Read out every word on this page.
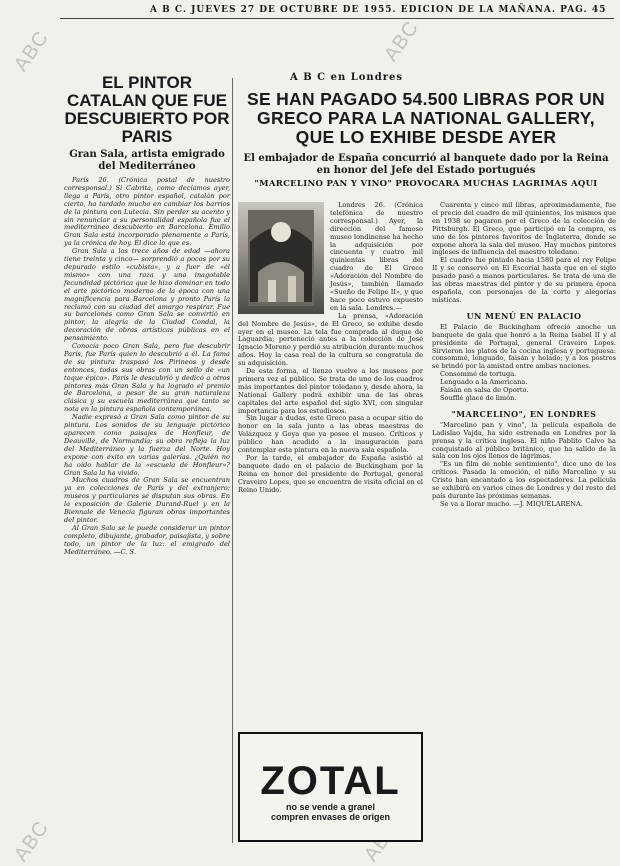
A B C. JUEVES 27 DE OCTUBRE DE 1955. EDICION DE LA MAÑANA. PAG. 45
ABC	ABC
ABC
EL PINTOR CATALAN QUE FUE DESCUBIERTO POR PARIS

Gran Sala, artista emigrado del Mediterráneo

París 26. (Crónica postal de nuestro corresponsal.) Si Cabrita, como decíamos ayer, llega a París, otro pintor español, catalán por cierto, ha tardado mucho en cambiar los barrios de la pintura con Lutecia. Sin perder su acento y sin renunciar a su personalidad española fue el mediterráneo descubierto en Barcelona. Emilio Gran Sala está incorporado plenamente a París, ya la crónica de hoy. Él dice lo que es.

Gran Sala a los trece años de edad —ahora tiene treinta y cinco— sorprendió a pocos por su depurado estilo «cubista», y a fuer de «él mismo» con una raza y una inagotable fecundidad pictórica que le hizo dominar en todo el arte pictórico moderno de la época con una magnificencia para Barcelona y pronto París la reclamó con su ciudad del amargo respirar. Fue su barcelonés como Gran Sala se convirtió en pintor, la alegría de la Ciudad Condal, la decoración de obras artísticas públicas en el pensamiento.

Conocía poco Gran Sala, pero fue descubrir París, fue París quien lo descubrió a él. La fama de su pintura traspasó los Pirineos y desde entonces, todas sus obras con un sello de «un toque épico». París le descubrió y dedicó a otros pintores más Gran Sala y ha logrado el premio de Barcelona, a pesar de su gran naturaleza clásica y su escuela mediterránea que tanto se nota en la pintura española contemporánea.

Nadie expresó a Gran Sala como pintor de su pintura. Los sonidos de su lenguaje pictórico aparecen como paisajes de Honfleur, de Deauville, de Normandía; su obra refleja la luz del Mediterráneo y la fuerza del Norte. Hoy expone con éxito en varias galerías. ¿Quién no ha oído hablar de la «escuela de Honfleur»? Gran Sala la ha vivido.

Muchos cuadros de Gran Sala se encuentran ya en colecciones de París y del extranjero; museos y particulares se disputan sus obras. En la exposición de Galerie Durand-Ruel y en la Biennale de Venecia figuran obras importantes del pintor.

Al Gran Sala se le puede considerar un pintor completo, dibujante, grabador, paisajista, y sobre todo, un pintor de la luz: el emigrado del Mediterráneo. —C. S.

A B C en Londres
SE HAN PAGADO 54.500 LIBRAS POR UN GRECO PARA LA NATIONAL GALLERY, QUE LO EXHIBE DESDE AYER

El embajador de España concurrió al banquete dado por la Reina en honor del Jefe del Estado portugués

"MARCELINO PAN Y VINO" PROVOCARA MUCHAS LAGRIMAS AQUI

Londres 26. (Crónica telefónica de nuestro corresponsal.) Ayer, la dirección del famoso museo londinense ha hecho la adquisición por cincuenta y cuatro mil quinientas libras del cuadro de El Greco «Adoración del Nombre de Jesús», también llamado «Sueño de Felipe II», y que hace poco estuvo expuesto en la sala. Londres.—

La prensa, «Adoración del Nombre de Jesús», de El Greco, se exhibe desde ayer en el museo. La tela fue comprada al duque de Laguardia; perteneció antes a la colección de José Ignacio Moreno y perdió su atribución durante muchos años. Hoy la casa real de la cultura se congratula de su adquisición.

De esta forma, el lienzo vuelve a los museos por primera vez al público. Se trata de uno de los cuadros más importantes del pintor toledano y, desde ahora, la National Gallery podrá exhibir una de las obras capitales del arte español del siglo XVI, con singular importancia para los estudiosos.

Sin lugar a dudas, este Greco pasa a ocupar sitio de honor en la sala junto a las obras maestras de Velázquez y Goya que ya posee el museo. Críticos y público han acudido a la inauguración para contemplar esta pintura en la nueva sala española.

Por la tarde, el embajador de España asistió al banquete dado en el palacio de Buckingham por la Reina en honor del presidente de Portugal, general Craveiro Lopes, que se encuentra de visita oficial en el Reino Unido.

ZOTAL
no se vende a granel
compren envases de origen

Cuarenta y cinco mil libras, aproximadamente, fue el precio del cuadro de mil quinientos, los mismos que en 1938 se pagaron por el Greco de la colección de Pittsburgh. El Greco, que participó en la compra, es uno de los pintores favoritos de Inglaterra, donde se expone ahora la sala del museo. Hay muchos pintores ingleses de influencia del maestro toledano.

El cuadro fue pintado hacia 1580 para el rey Felipe II y se conservó en El Escorial hasta que en el siglo pasado pasó a manos particulares. Se trata de una de las obras maestras del pintor y de su primera época española, con personajes de la corte y alegorías místicas.

UN MENÚ EN PALACIO

El Palacio de Buckingham ofreció anoche un banquete de gala que honró a la Reina Isabel II y al presidente de Portugal, general Craveiro Lopes. Sirvieron los platos de la cocina inglesa y portuguesa: consommé, lenguado, faisán y helado; y a los postres se brindó por la amistad entre ambas naciones.

Consommé de tortuga.

Lenguado a la Americana.

Faisán en salsa de Oporto.

Soufflé glacé de limón.

"MARCELINO", EN LONDRES

"Marcelino pan y vino", la película española de Ladislao Vajda, ha sido estrenada en Londres por la prensa y la crítica inglesa. El niño Pablito Calvo ha conquistado al público británico, que ha salido de la sala con los ojos llenos de lágrimas.

"Es un film de noble sentimiento", dice uno de los críticos. Pasada la emoción, el niño Marcelino y su Cristo han encantado a los espectadores. La película se exhibirá en varios cines de Londres y del resto del país durante las próximas semanas.

Se va a llorar mucho. —J. MIQUELARENA.
